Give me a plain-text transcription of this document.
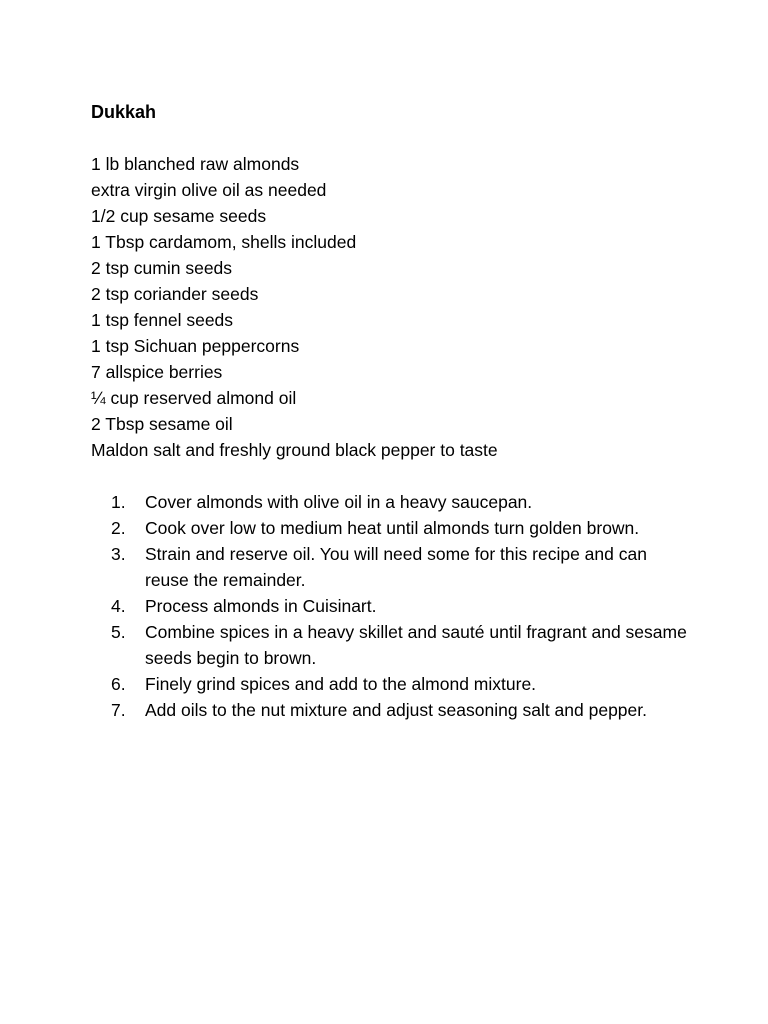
Dukkah
1 lb blanched raw almonds
extra virgin olive oil as needed
1/2 cup sesame seeds
1 Tbsp cardamom, shells included
2 tsp cumin seeds
2 tsp coriander seeds
1 tsp fennel seeds
1 tsp Sichuan peppercorns
7 allspice berries
¼ cup reserved almond oil
2 Tbsp sesame oil
Maldon salt and freshly ground black pepper to taste
1. Cover almonds with olive oil in a heavy saucepan.
2. Cook over low to medium heat until almonds turn golden brown.
3. Strain and reserve oil. You will need some for this recipe and can reuse the remainder.
4. Process almonds in Cuisinart.
5. Combine spices in a heavy skillet and sauté until fragrant and sesame seeds begin to brown.
6. Finely grind spices and add to the almond mixture.
7. Add oils to the nut mixture and adjust seasoning salt and pepper.
